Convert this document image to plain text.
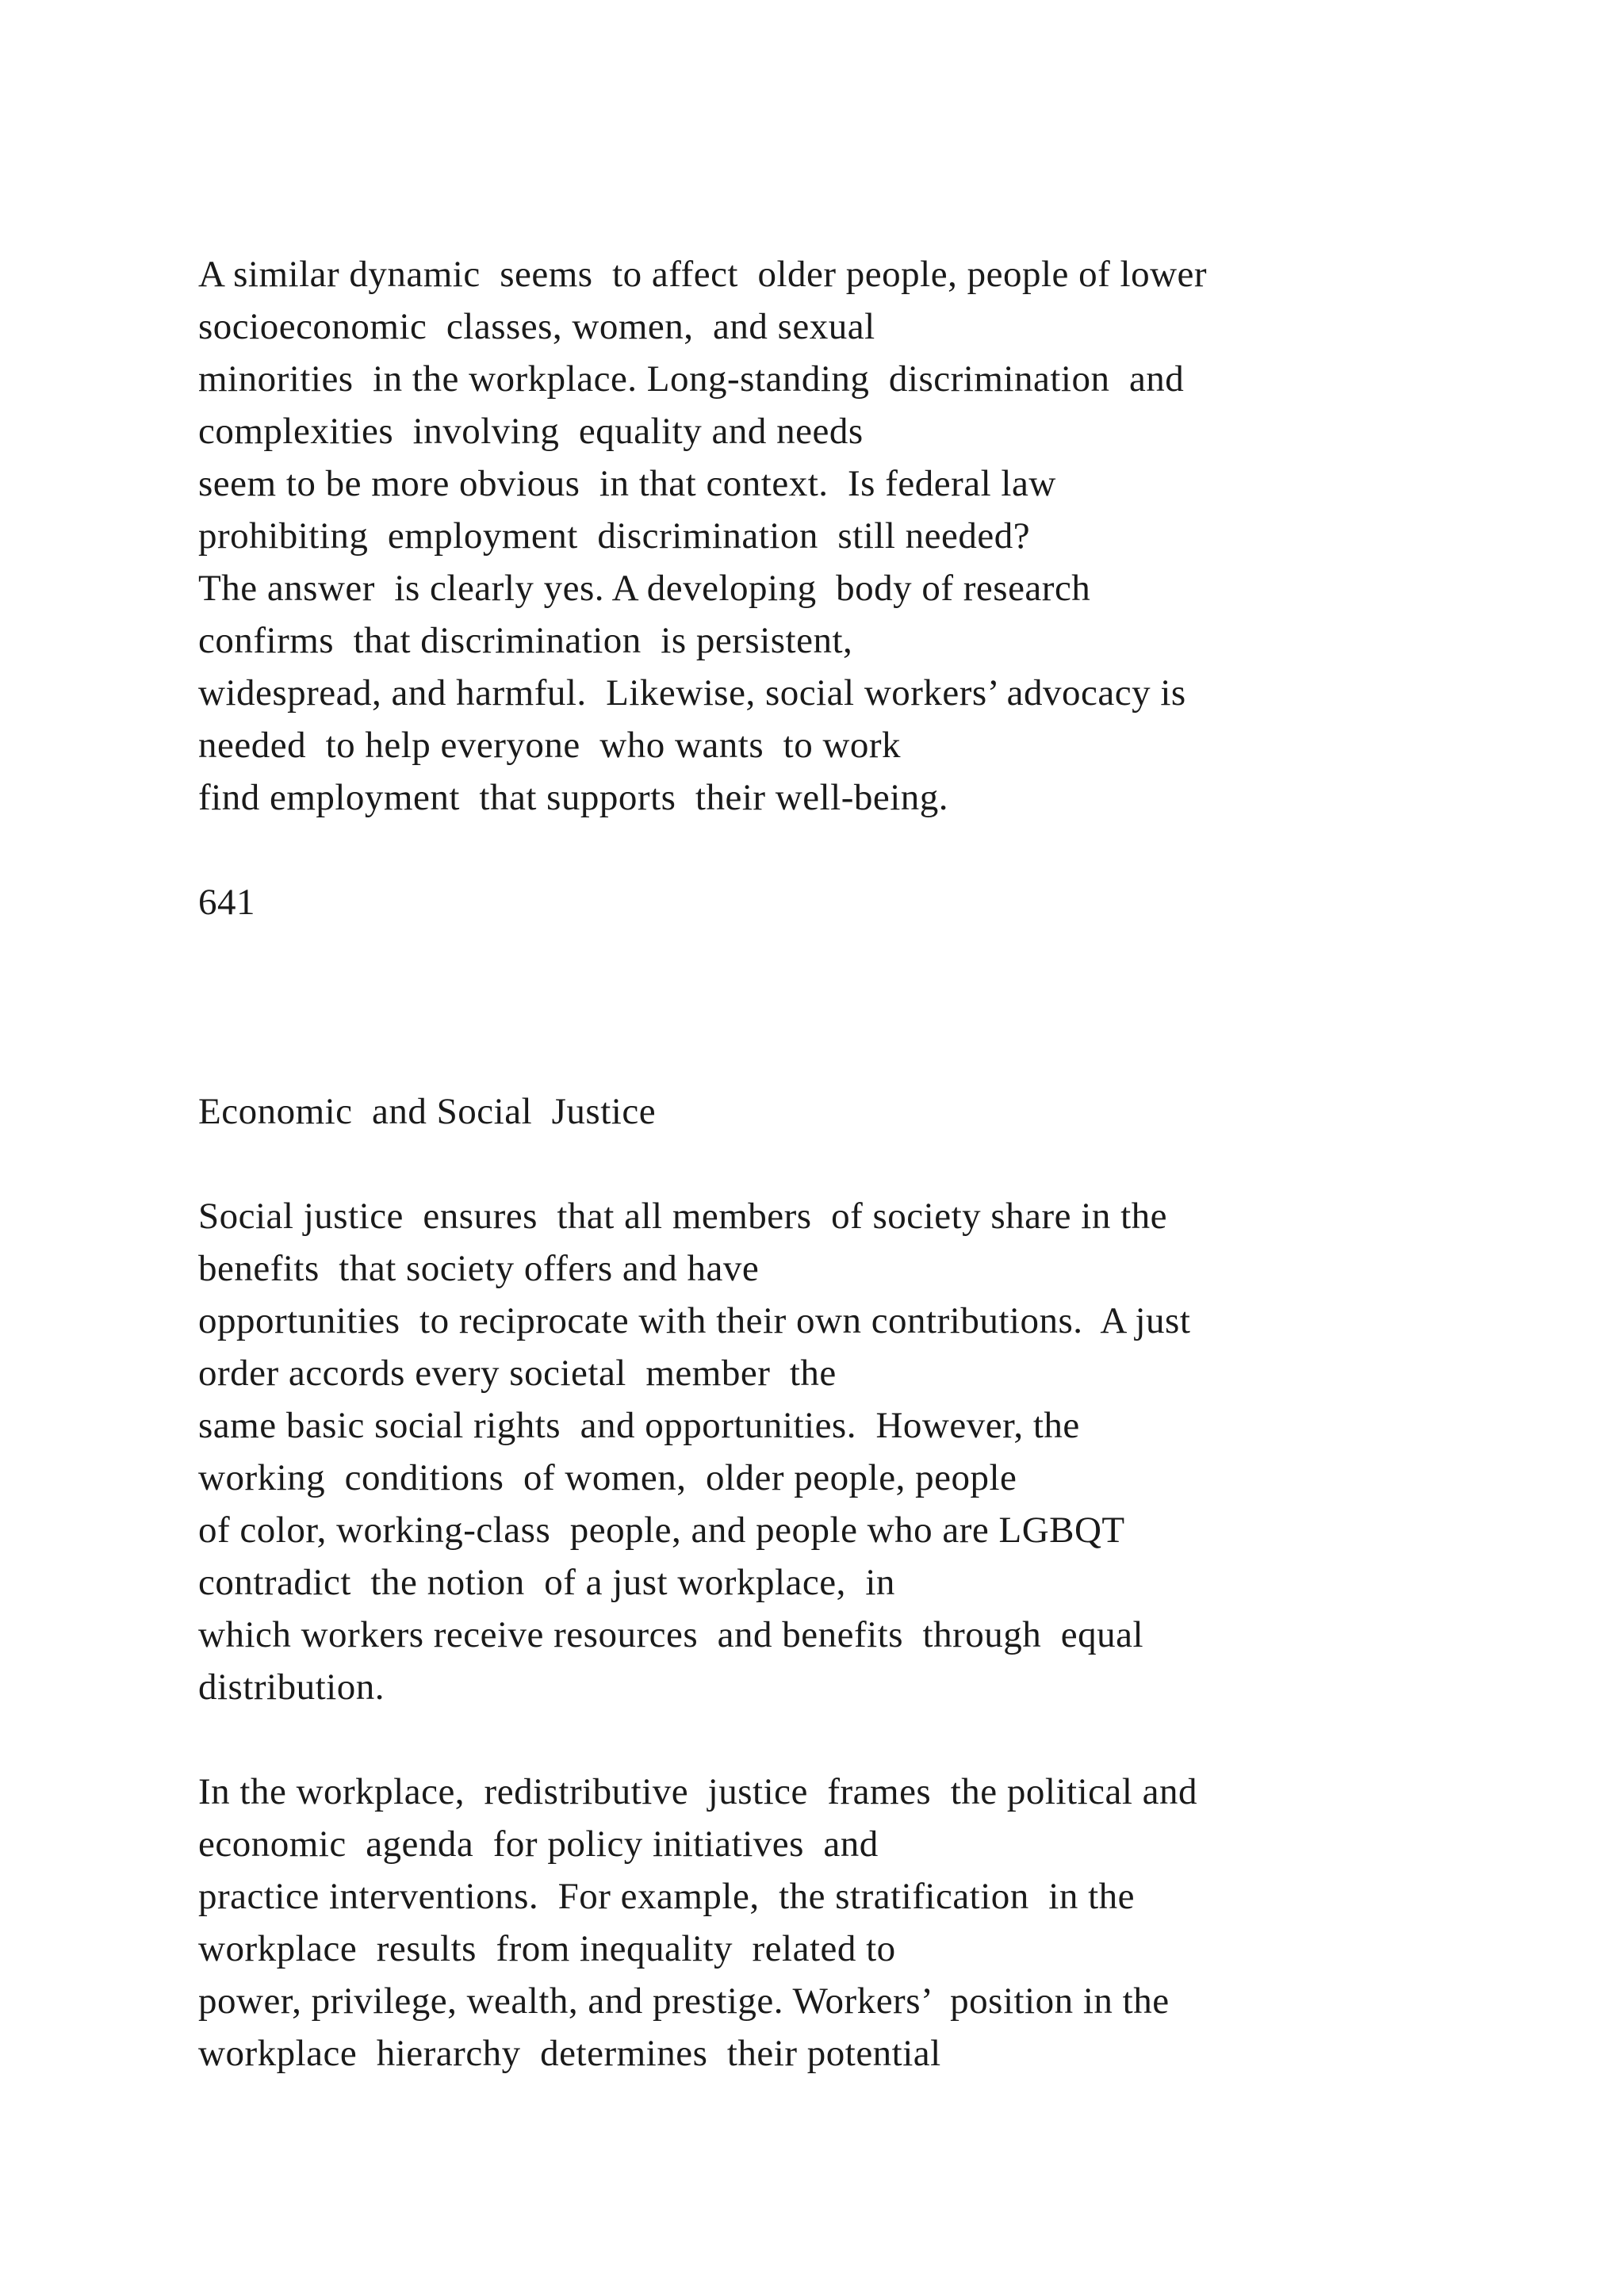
A similar dynamic  seems  to affect  older people, people of lower

socioeconomic  classes, women,  and sexual

minorities  in the workplace. Long-standing  discrimination  and

complexities  involving  equality and needs

seem to be more obvious  in that context.  Is federal law

prohibiting  employment  discrimination  still needed?

The answer  is clearly yes. A developing  body of research

confirms  that discrimination  is persistent,

widespread, and harmful.  Likewise, social workers’ advocacy is

needed  to help everyone  who wants  to work

find employment  that supports  their well-being.

641

Economic  and Social  Justice

Social justice  ensures  that all members  of society share in the

benefits  that society offers and have

opportunities  to reciprocate with their own contributions.  A just

order accords every societal  member  the

same basic social rights  and opportunities.  However, the

working  conditions  of women,  older people, people

of color, working-class  people, and people who are LGBQT

contradict  the notion  of a just workplace,  in

which workers receive resources  and benefits  through  equal

distribution.

In the workplace,  redistributive  justice  frames  the political and

economic  agenda  for policy initiatives  and

practice interventions.  For example,  the stratification  in the

workplace  results  from inequality  related to

power, privilege, wealth, and prestige. Workers’  position in the

workplace  hierarchy  determines  their potential
